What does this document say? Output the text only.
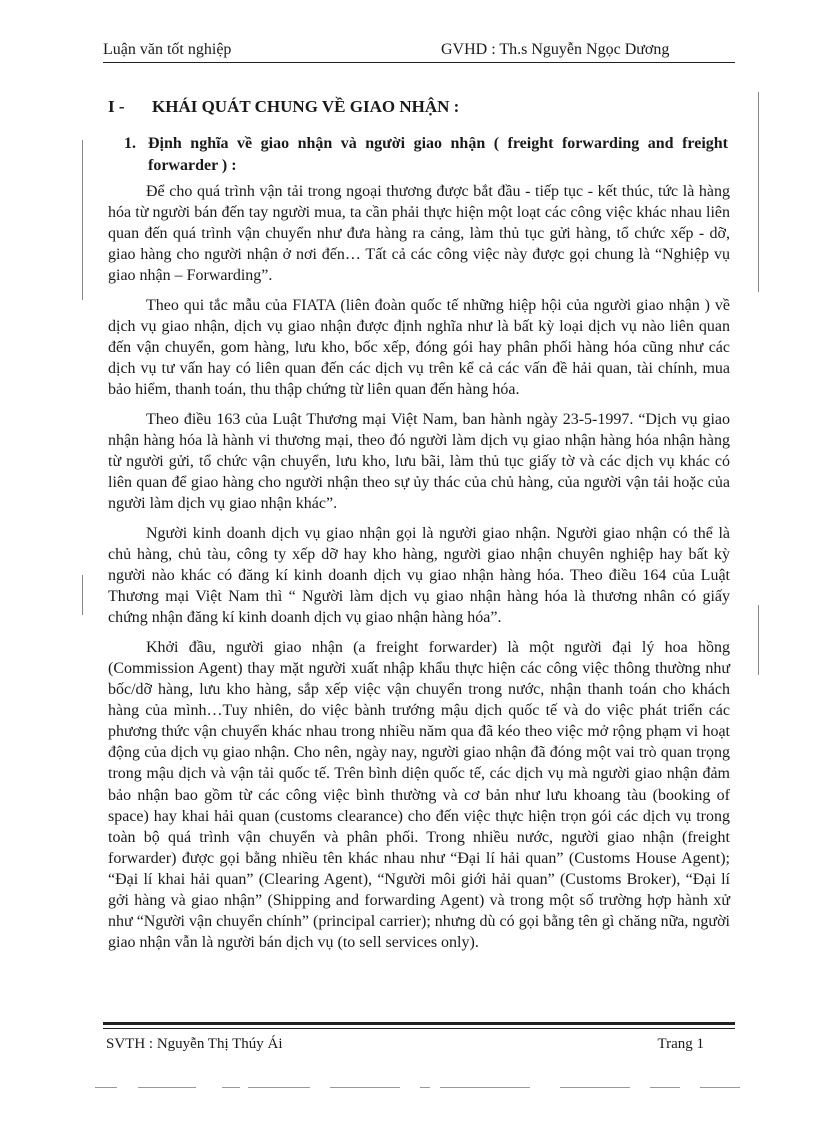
Luận văn tốt nghiệp	GVHD : Th.s Nguyễn Ngọc Dương
I - KHÁI QUÁT CHUNG VỀ GIAO NHẬN :
1. Định nghĩa về giao nhận và người giao nhận ( freight forwarding and freight forwarder ) :

Để cho quá trình vận tải trong ngoại thương được bắt đầu - tiếp tục - kết thúc, tức là hàng hóa từ người bán đến tay người mua, ta cần phải thực hiện một loạt các công việc khác nhau liên quan đến quá trình vận chuyển như đưa hàng ra cảng, làm thủ tục gửi hàng, tổ chức xếp - dỡ, giao hàng cho người nhận ở nơi đến… Tất cả các công việc này được gọi chung là “Nghiệp vụ giao nhận – Forwarding”.

Theo qui tắc mẫu của FIATA (liên đoàn quốc tế những hiệp hội của người giao nhận ) về dịch vụ giao nhận, dịch vụ giao nhận được định nghĩa như là bất kỳ loại dịch vụ nào liên quan đến vận chuyển, gom hàng, lưu kho, bốc xếp, đóng gói hay phân phối hàng hóa cũng như các dịch vụ tư vấn hay có liên quan đến các dịch vụ trên kể cả các vấn đề hải quan, tài chính, mua bảo hiểm, thanh toán, thu thập chứng từ liên quan đến hàng hóa.

Theo điều 163 của Luật Thương mại Việt Nam, ban hành ngày 23-5-1997. “Dịch vụ giao nhận hàng hóa là hành vi thương mại, theo đó người làm dịch vụ giao nhận hàng hóa nhận hàng từ người gửi, tổ chức vận chuyển, lưu kho, lưu bãi, làm thủ tục giấy tờ và các dịch vụ khác có liên quan để giao hàng cho người nhận theo sự ủy thác của chủ hàng, của người vận tải hoặc của người làm dịch vụ giao nhận khác”.

Người kinh doanh dịch vụ giao nhận gọi là người giao nhận. Người giao nhận có thể là chủ hàng, chủ tàu, công ty xếp dỡ hay kho hàng, người giao nhận chuyên nghiệp hay bất kỳ người nào khác có đăng kí kinh doanh dịch vụ giao nhận hàng hóa. Theo điều 164 của Luật Thương mại Việt Nam thì “ Người làm dịch vụ giao nhận hàng hóa là thương nhân có giấy chứng nhận đăng kí kinh doanh dịch vụ giao nhận hàng hóa”.

Khởi đầu, người giao nhận (a freight forwarder) là một người đại lý hoa hồng (Commission Agent) thay mặt người xuất nhập khẩu thực hiện các công việc thông thường như bốc/dỡ hàng, lưu kho hàng, sắp xếp việc vận chuyển trong nước, nhận thanh toán cho khách hàng của mình…Tuy nhiên, do việc bành trướng mậu dịch quốc tế và do việc phát triển các phương thức vận chuyển khác nhau trong nhiều năm qua đã kéo theo việc mở rộng phạm vi hoạt động của dịch vụ giao nhận. Cho nên, ngày nay, người giao nhận đã đóng một vai trò quan trọng trong mậu dịch và vận tải quốc tế. Trên bình diện quốc tế, các dịch vụ mà người giao nhận đảm bảo nhận bao gồm từ các công việc bình thường và cơ bản như lưu khoang tàu (booking of space) hay khai hải quan (customs clearance) cho đến việc thực hiện trọn gói các dịch vụ trong toàn bộ quá trình vận chuyển và phân phối. Trong nhiều nước, người giao nhận (freight forwarder) được gọi bằng nhiều tên khác nhau như “Đại lí hải quan” (Customs House Agent); “Đại lí khai hải quan” (Clearing Agent), “Người môi giới hải quan” (Customs Broker), “Đại lí gởi hàng và giao nhận” (Shipping and forwarding Agent) và trong một số trường hợp hành xử như “Người vận chuyển chính” (principal carrier); nhưng dù có gọi bằng tên gì chăng nữa, người giao nhận vẫn là người bán dịch vụ (to sell services only).

SVTH : Nguyễn Thị Thúy Ái	Trang 1
